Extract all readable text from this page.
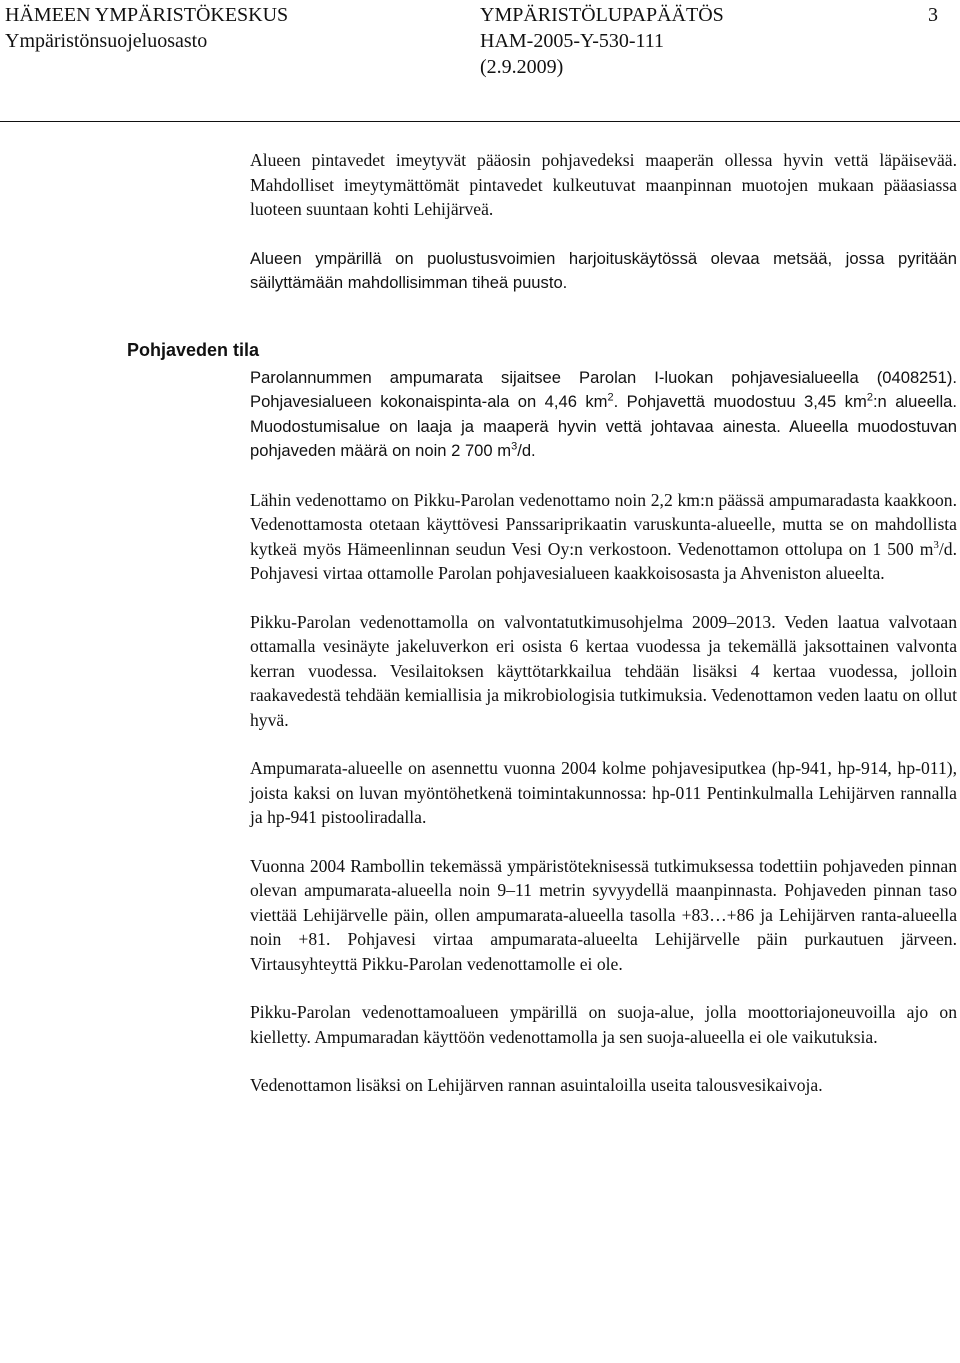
HÄMEEN YMPÄRISTÖKESKUS
Ympäristönsuojeluosasto
YMPÄRISTÖLUPAPÄÄTÖS
HAM-2005-Y-530-111
(2.9.2009)
3
Pohjaveden tila

Alueen pintavedet imeytyvät pääosin pohjavedeksi maaperän ollessa hyvin vettä läpäisevää. Mahdolliset imeytymättömät pintavedet kulkeutuvat maanpinnan muotojen mukaan pääasiassa luoteen suuntaan kohti Lehijärveä.

Alueen ympärillä on puolustusvoimien harjoituskäytössä olevaa metsää, jossa pyritään säilyttämään mahdollisimman tiheä puusto.

Parolannummen ampumarata sijaitsee Parolan I-luokan pohjavesialueella (0408251). Pohjavesialueen kokonaispinta-ala on 4,46 $km^2$. Pohjavettä muodostuu 3,45 $km^2:n$ alueella. Muodostumisalue on laaja ja maaperä hyvin vettä johtavaa ainesta. Alueella muodostuvan pohjaveden määrä on noin 2 700 $m^3/d$.

Lähin vedenottamo on Pikku-Parolan vedenottamo noin 2,2 km:n päässä ampumaradasta kaakkoon. Vedenottamosta otetaan käyttövesi Panssariprikaatin varuskunta-alueelle, mutta se on mahdollista kytkeä myös Hämeenlinnan seudun Vesi Oy:n verkostoon. Vedenottamon ottolupa on 1 500 $m^3/d$. Pohjavesi virtaa ottamolle Parolan pohjavesialueen kaakkoisosasta ja Ahveniston alueelta.

Pikku-Parolan vedenottamolla on valvontatutkimusohjelma 2009–2013. Veden laatua valvotaan ottamalla vesinäyte jakeluverkon eri osista 6 kertaa vuodessa ja tekemällä jaksottainen valvonta kerran vuodessa. Vesilaitoksen käyttötarkkailua tehdään lisäksi 4 kertaa vuodessa, jolloin raakavedestä tehdään kemiallisia ja mikrobiologisia tutkimuksia. Vedenottamon veden laatu on ollut hyvä.

Ampumarata-alueelle on asennettu vuonna 2004 kolme pohjavesiputkea (hp-941, hp-914, hp-011), joista kaksi on luvan myöntöhetkenä toimintakunnossa: hp-011 Pentinkulmalla Lehijärven rannalla ja hp-941 pistooliradalla.

Vuonna 2004 Rambollin tekemässä ympäristöteknisessä tutkimuksessa todettiin pohjaveden pinnan olevan ampumarata-alueella noin 9–11 metrin syvyydellä maanpinnasta. Pohjaveden pinnan taso viettää Lehijärvelle päin, ollen ampumarata-alueella tasolla +83…+86 ja Lehijärven ranta-alueella noin +81. Pohjavesi virtaa ampumarata-alueelta Lehijärvelle päin purkautuen järveen. Virtausyhteyttä Pikku-Parolan vedenottamolle ei ole.

Pikku-Parolan vedenottamoalueen ympärillä on suoja-alue, jolla moottoriajoneuvoilla ajo on kielletty. Ampumaradan käyttöön vedenottamolla ja sen suoja-alueella ei ole vaikutuksia.

Vedenottamon lisäksi on Lehijärven rannan asuintaloilla useita talousvesikaivoja.
